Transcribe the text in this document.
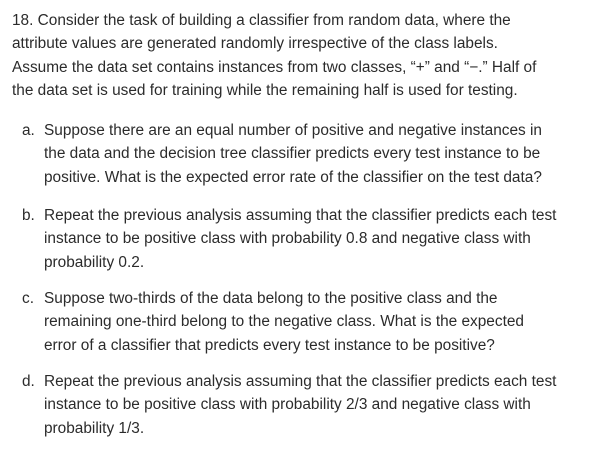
18. Consider the task of building a classifier from random data, where the
attribute values are generated randomly irrespective of the class labels.
Assume the data set contains instances from two classes, “+” and “−.” Half of
the data set is used for training while the remaining half is used for testing.

a. Suppose there are an equal number of positive and negative instances in
the data and the decision tree classifier predicts every test instance to be
positive. What is the expected error rate of the classifier on the test data?
b. Repeat the previous analysis assuming that the classifier predicts each test
instance to be positive class with probability 0.8 and negative class with
probability 0.2.
c. Suppose two-thirds of the data belong to the positive class and the
remaining one-third belong to the negative class. What is the expected
error of a classifier that predicts every test instance to be positive?
d. Repeat the previous analysis assuming that the classifier predicts each test
instance to be positive class with probability 2/3 and negative class with
probability 1/3.
